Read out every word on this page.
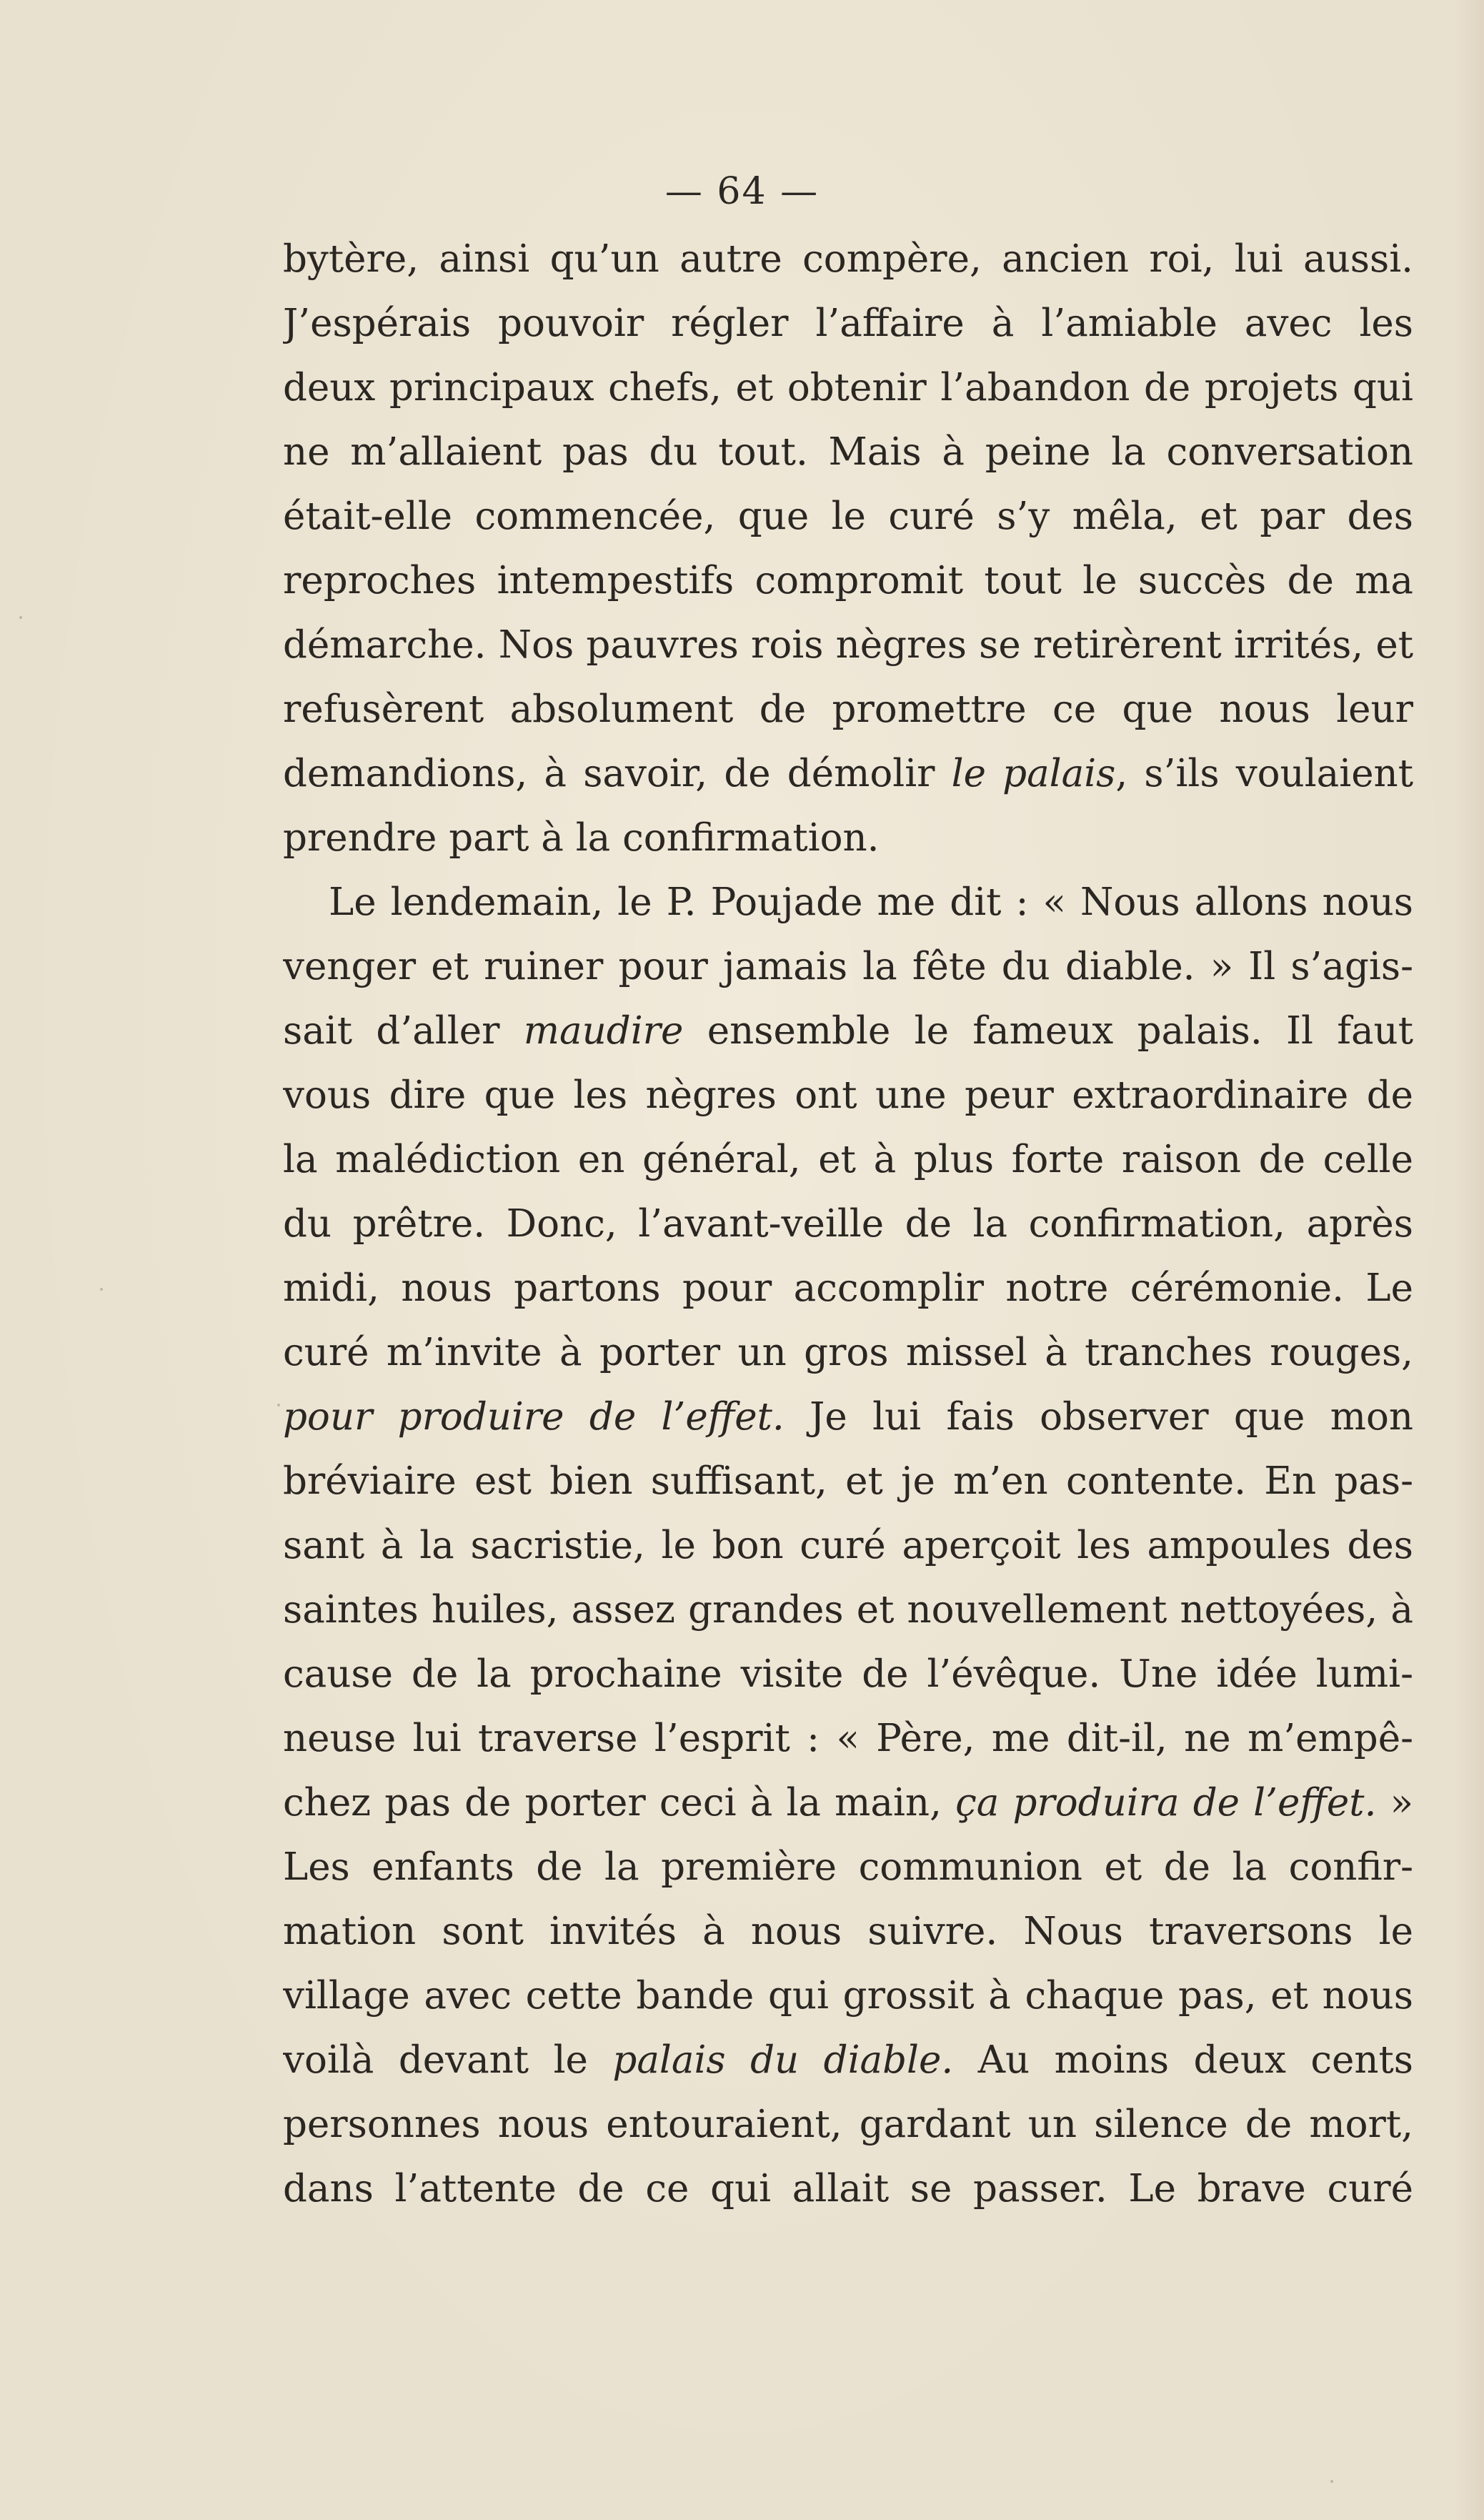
— 64 —
bytère, ainsi qu’un autre compère, ancien roi, lui aussi.
J’espérais pouvoir régler l’affaire à l’amiable avec les
deux principaux chefs, et obtenir l’abandon de projets qui
ne m’allaient pas du tout. Mais à peine la conversation
était-elle commencée, que le curé s’y mêla, et par des
reproches intempestifs compromit tout le succès de ma
démarche. Nos pauvres rois nègres se retirèrent irrités, et
refusèrent absolument de promettre ce que nous leur
demandions, à savoir, de démolir le palais, s’ils voulaient
prendre part à la confirmation.
Le lendemain, le P. Poujade me dit : « Nous allons nous
venger et ruiner pour jamais la fête du diable. » Il s’agis-
sait d’aller maudire ensemble le fameux palais. Il faut
vous dire que les nègres ont une peur extraordinaire de
la malédiction en général, et à plus forte raison de celle
du prêtre. Donc, l’avant-veille de la confirmation, après
midi, nous partons pour accomplir notre cérémonie. Le
curé m’invite à porter un gros missel à tranches rouges,
pour produire de l’effet. Je lui fais observer que mon
bréviaire est bien suffisant, et je m’en contente. En pas-
sant à la sacristie, le bon curé aperçoit les ampoules des
saintes huiles, assez grandes et nouvellement nettoyées, à
cause de la prochaine visite de l’évêque. Une idée lumi-
neuse lui traverse l’esprit : « Père, me dit-il, ne m’empê-
chez pas de porter ceci à la main, ça produira de l’effet. »
Les enfants de la première communion et de la confir-
mation sont invités à nous suivre. Nous traversons le
village avec cette bande qui grossit à chaque pas, et nous
voilà devant le palais du diable. Au moins deux cents
personnes nous entouraient, gardant un silence de mort,
dans l’attente de ce qui allait se passer. Le brave curé
